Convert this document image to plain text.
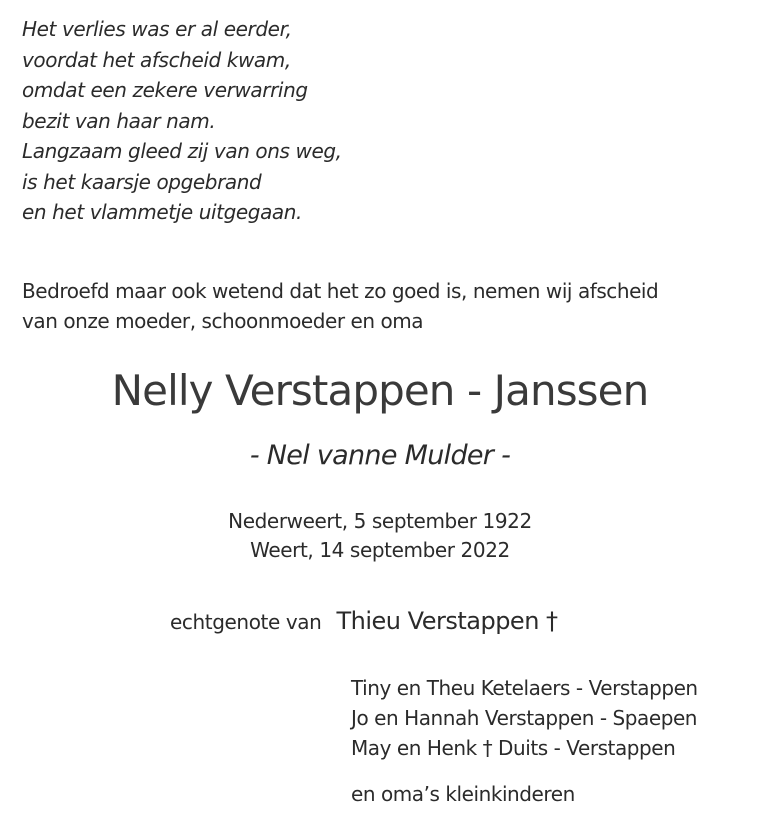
Het verlies was er al eerder,
voordat het afscheid kwam,
omdat een zekere verwarring
bezit van haar nam.
Langzaam gleed zij van ons weg,
is het kaarsje opgebrand
en het vlammetje uitgegaan.
Bedroefd maar ook wetend dat het zo goed is, nemen wij afscheid
van onze moeder, schoonmoeder en oma
Nelly Verstappen - Janssen
- Nel vanne Mulder -
Nederweert, 5 september 1922
Weert, 14 september 2022
echtgenote van Thieu Verstappen †
Tiny en Theu Ketelaers - Verstappen
Jo en Hannah Verstappen - Spaepen
May en Henk † Duits - Verstappen
en oma’s kleinkinderen
